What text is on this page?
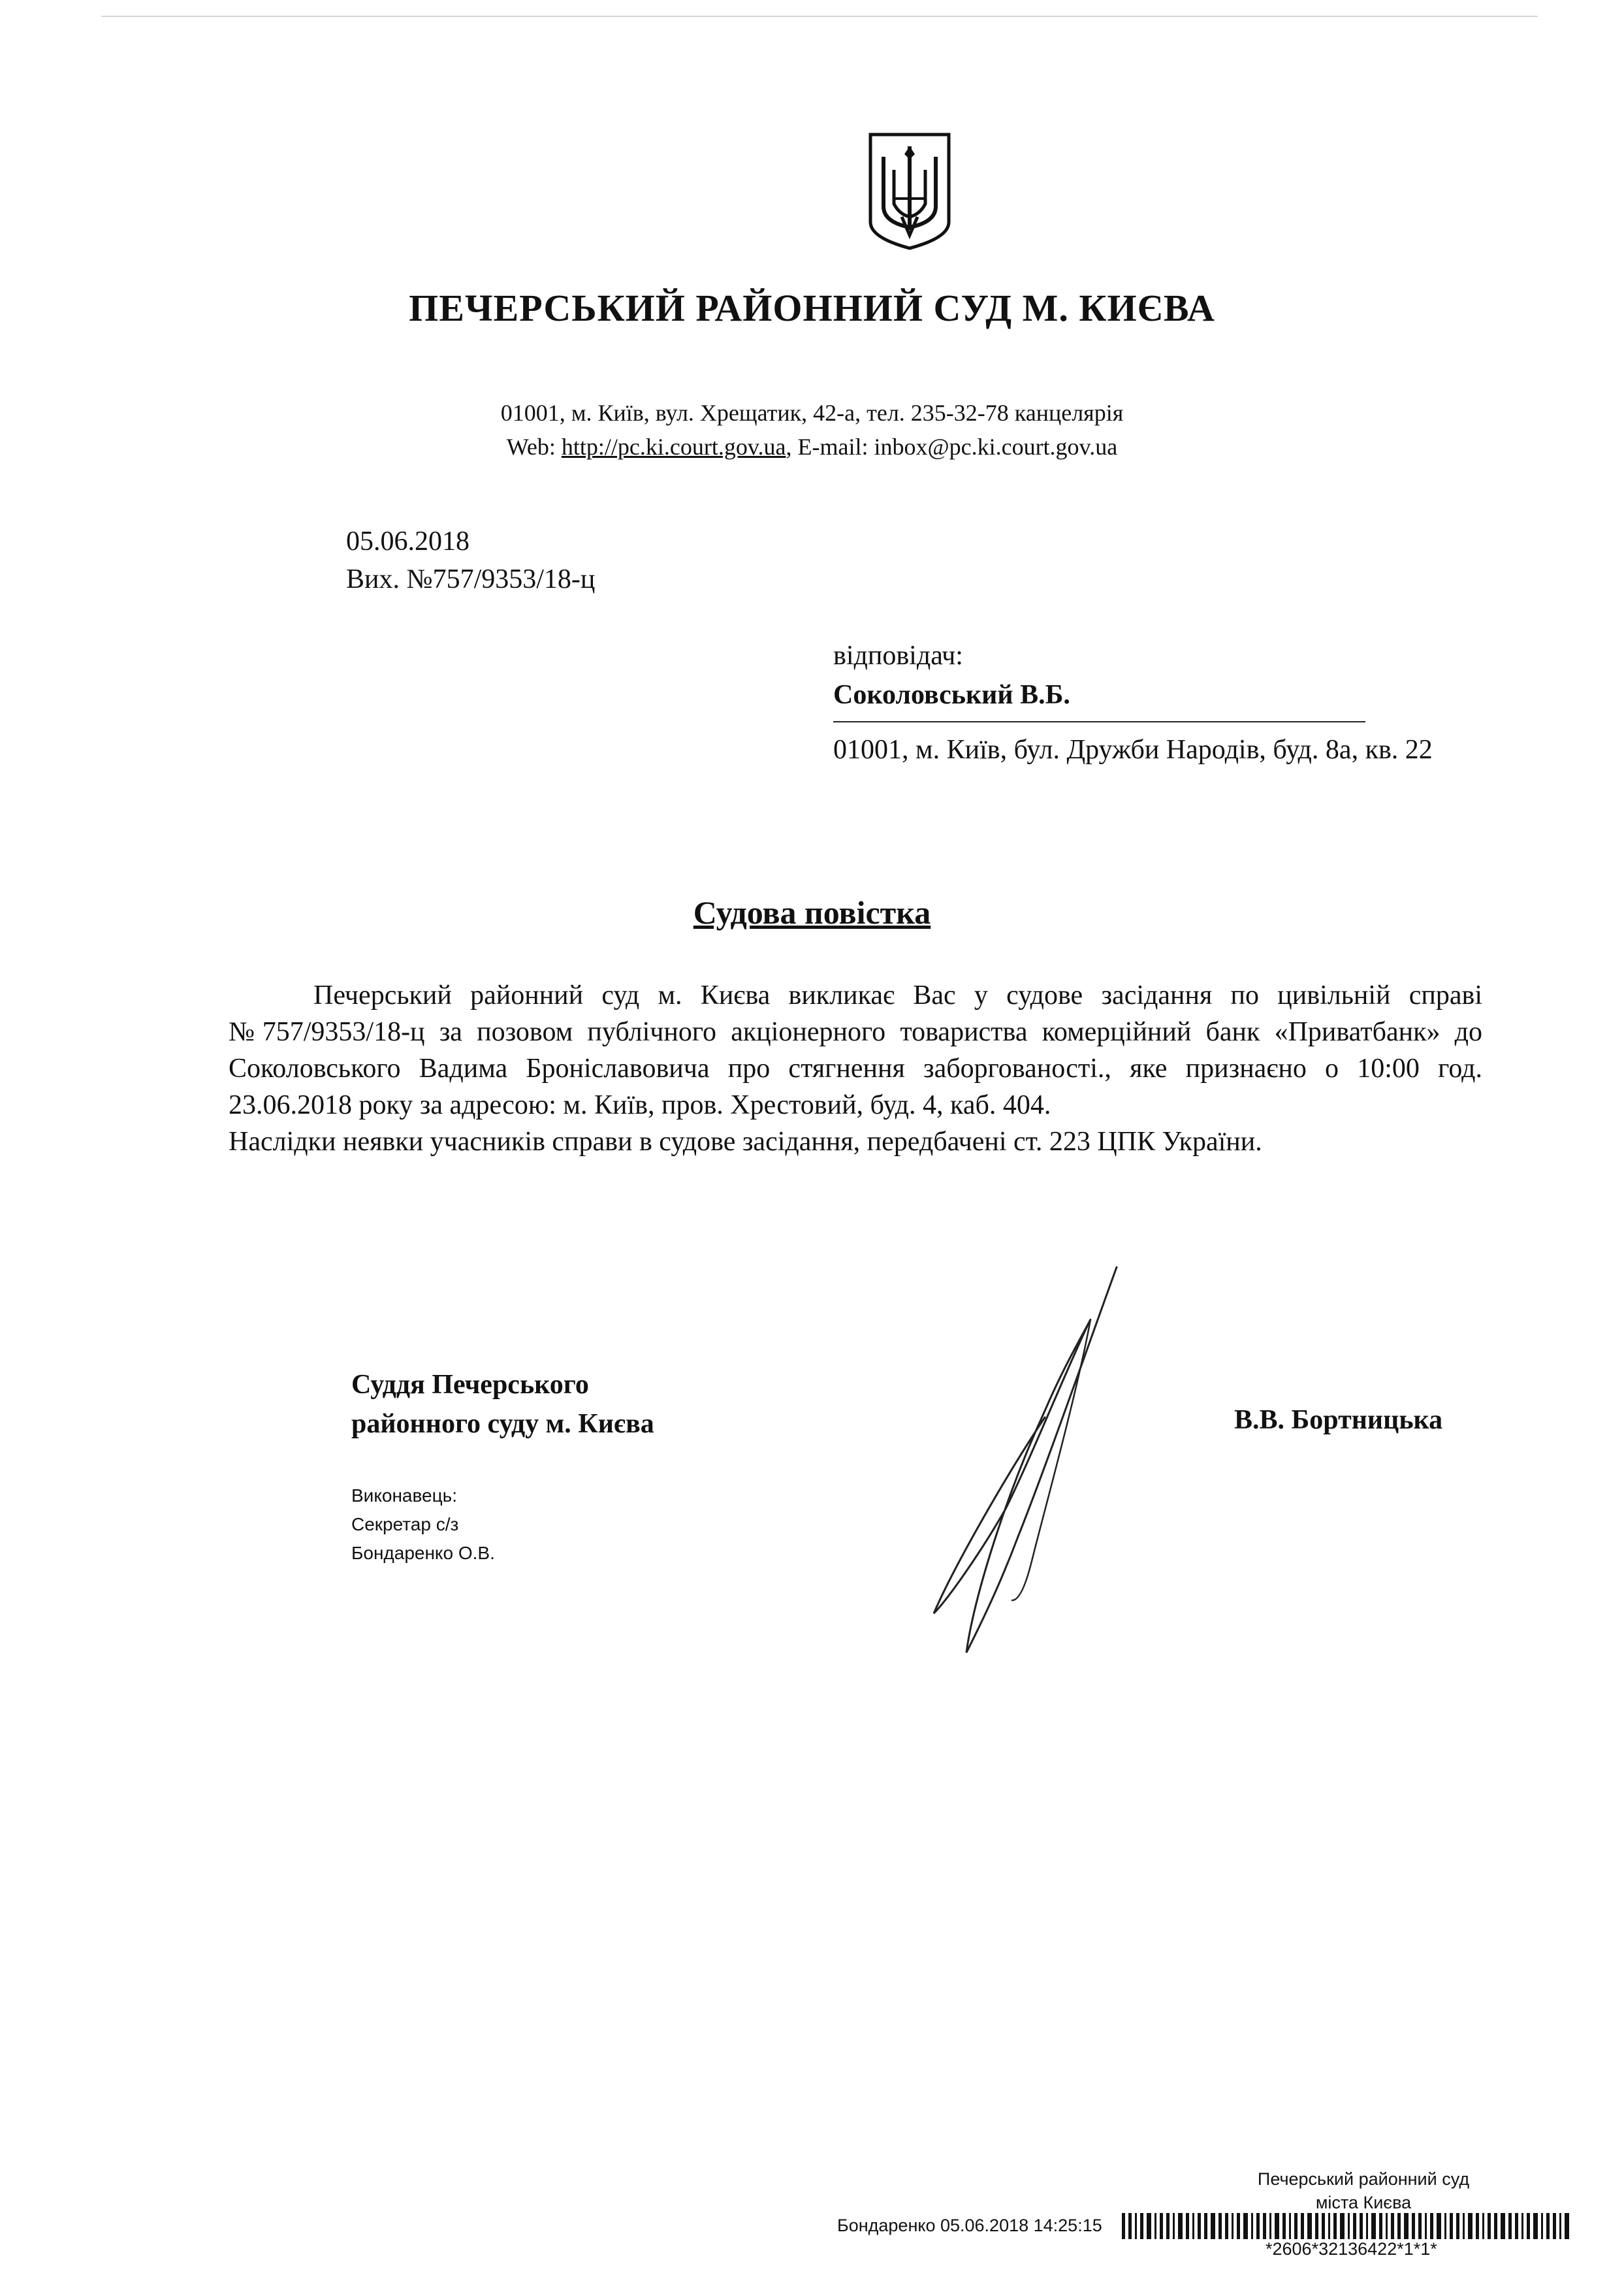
ПЕЧЕРСЬКИЙ РАЙОННИЙ СУД М. КИЄВА
01001, м. Київ, вул. Хрещатик, 42-а, тел. 235-32-78 канцелярія
Web: http://pc.ki.court.gov.ua, E-mail: inbox@pc.ki.court.gov.ua
05.06.2018
Вих. №757/9353/18-ц
відповідач:
Соколовський В.Б.
01001, м. Київ, бул. Дружби Народів, буд. 8а, кв. 22
Судова повістка

Печерський районний суд м. Києва викликає Вас у судове засідання по цивільній справі №757/9353/18-ц за позовом публічного акціонерного товариства комерційний банк «Приватбанк» до Соколовського Вадима Броніславовича про стягнення заборгованості., яке признаєно о 10:00 год. 23.06.2018 року за адресою: м. Київ, пров. Хрестовий, буд. 4, каб. 404.

Наслідки неявки учасників справи в судове засідання, передбачені ст. 223 ЦПК України.

Суддя Печерського
районного суду м. Києва	В.В. Бортницька
Виконавець:
Секретар с/з
Бондаренко О.В.
Печерський районний суд
міста Києва
Бондаренко 05.06.2018 14:25:15
*2606*32136422*1*1*
